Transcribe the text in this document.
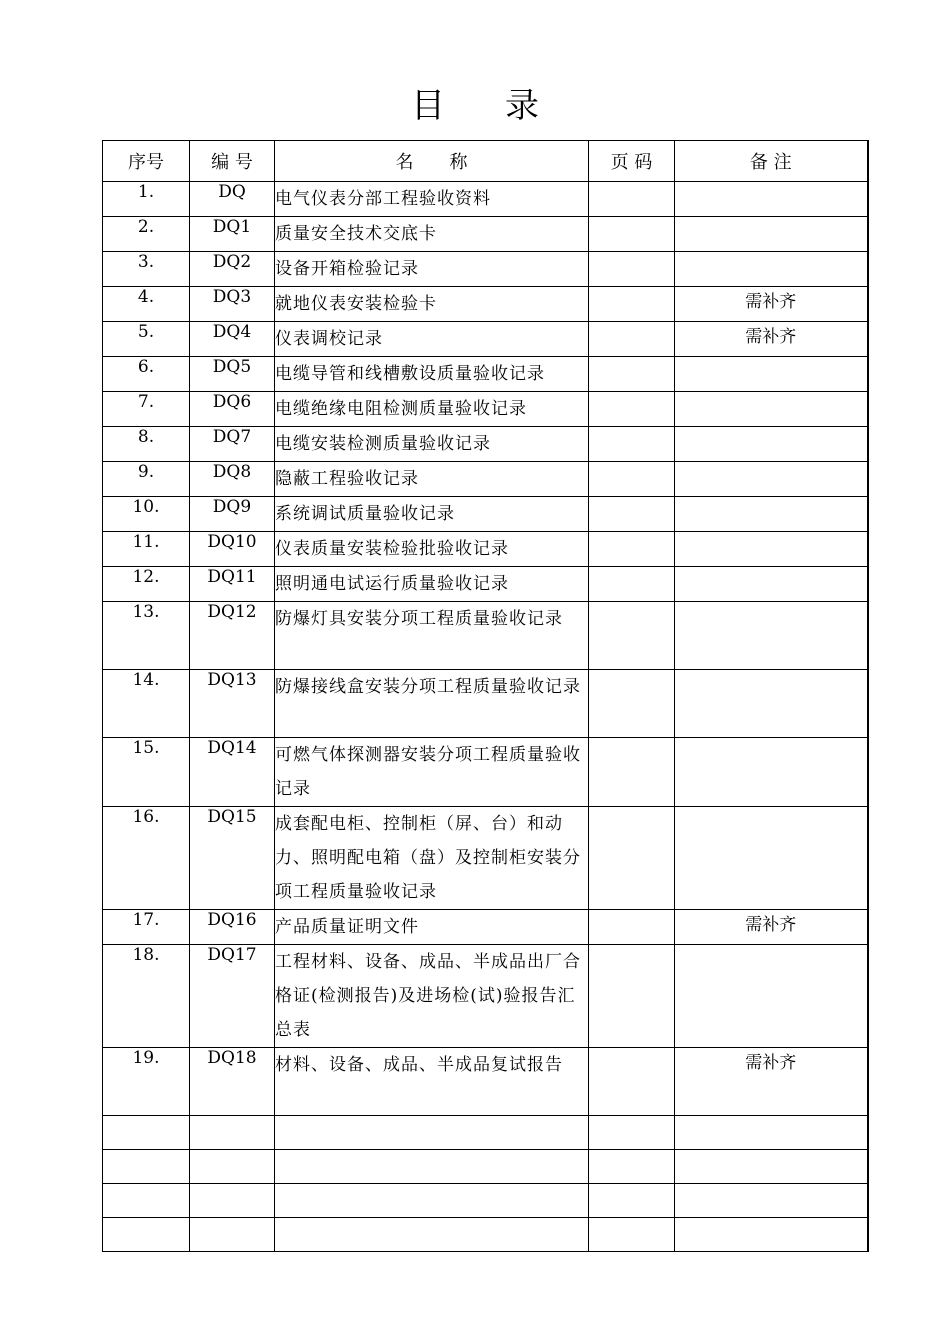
目 录
序号	编 号	名　　称	页 码	备 注
1.	DQ	电气仪表分部工程验收资料		
2.	DQ1	质量安全技术交底卡		
3.	DQ2	设备开箱检验记录		
4.	DQ3	就地仪表安装检验卡		需补齐
5.	DQ4	仪表调校记录		需补齐
6.	DQ5	电缆导管和线槽敷设质量验收记录		
7.	DQ6	电缆绝缘电阻检测质量验收记录		
8.	DQ7	电缆安装检测质量验收记录		
9.	DQ8	隐蔽工程验收记录		
10.	DQ9	系统调试质量验收记录		
11.	DQ10	仪表质量安装检验批验收记录		
12.	DQ11	照明通电试运行质量验收记录		
13.	DQ12	防爆灯具安装分项工程质量验收记录		
14.	DQ13	防爆接线盒安装分项工程质量验收记录		
15.	DQ14	可燃气体探测器安装分项工程质量验收记录		
16.	DQ15	成套配电柜、控制柜（屏、台）和动力、照明配电箱（盘）及控制柜安装分项工程质量验收记录		
17.	DQ16	产品质量证明文件		需补齐
18.	DQ17	工程材料、设备、成品、半成品出厂合格证(检测报告)及进场检(试)验报告汇总表		
19.	DQ18	材料、设备、成品、半成品复试报告		需补齐
